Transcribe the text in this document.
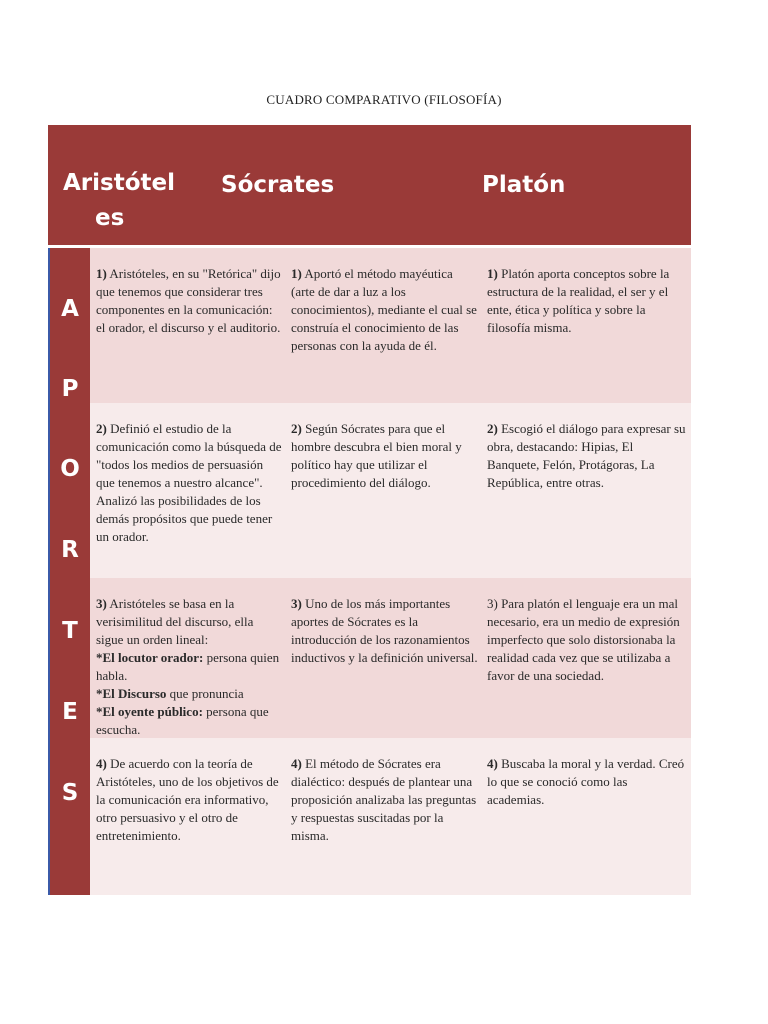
CUADRO COMPARATIVO (FILOSOFÍA)
Aristótel
es
Sócrates	Platón
A
P
O
R
T
E
S
1) Aristóteles, en su "Retórica" dijo que tenemos que considerar tres componentes en la comunicación: el orador, el discurso y el auditorio.
1) Aportó el método mayéutica (arte de dar a luz a los conocimientos), mediante el cual se construía el conocimiento de las personas con la ayuda de él.
1) Platón aporta conceptos sobre la estructura de la realidad, el ser y el ente, ética y política y sobre la filosofía misma.
2) Definió el estudio de la comunicación como la búsqueda de "todos los medios de persuasión que tenemos a nuestro alcance". Analizó las posibilidades de los demás propósitos que puede tener un orador.
2) Según Sócrates para que el hombre descubra el bien moral y político hay que utilizar el procedimiento del diálogo.
2) Escogió el diálogo para expresar su obra, destacando: Hipias, El Banquete, Felón, Protágoras, La República, entre otras.
3) Aristóteles se basa en la verisimilitud del discurso, ella sigue un orden lineal:
*El locutor orador: persona quien habla.
*El Discurso que pronuncia
*El oyente público: persona que escucha.
3) Uno de los más importantes aportes de Sócrates es la introducción de los razonamientos inductivos y la definición universal.
3) Para platón el lenguaje era un mal necesario, era un medio de expresión imperfecto que solo distorsionaba la realidad cada vez que se utilizaba a favor de una sociedad.
4) De acuerdo con la teoría de Aristóteles, uno de los objetivos de la comunicación era informativo, otro persuasivo y el otro de entretenimiento.
4) El método de Sócrates era dialéctico: después de plantear una proposición analizaba las preguntas y respuestas suscitadas por la misma.
4) Buscaba la moral y la verdad. Creó lo que se conoció como las academias.
